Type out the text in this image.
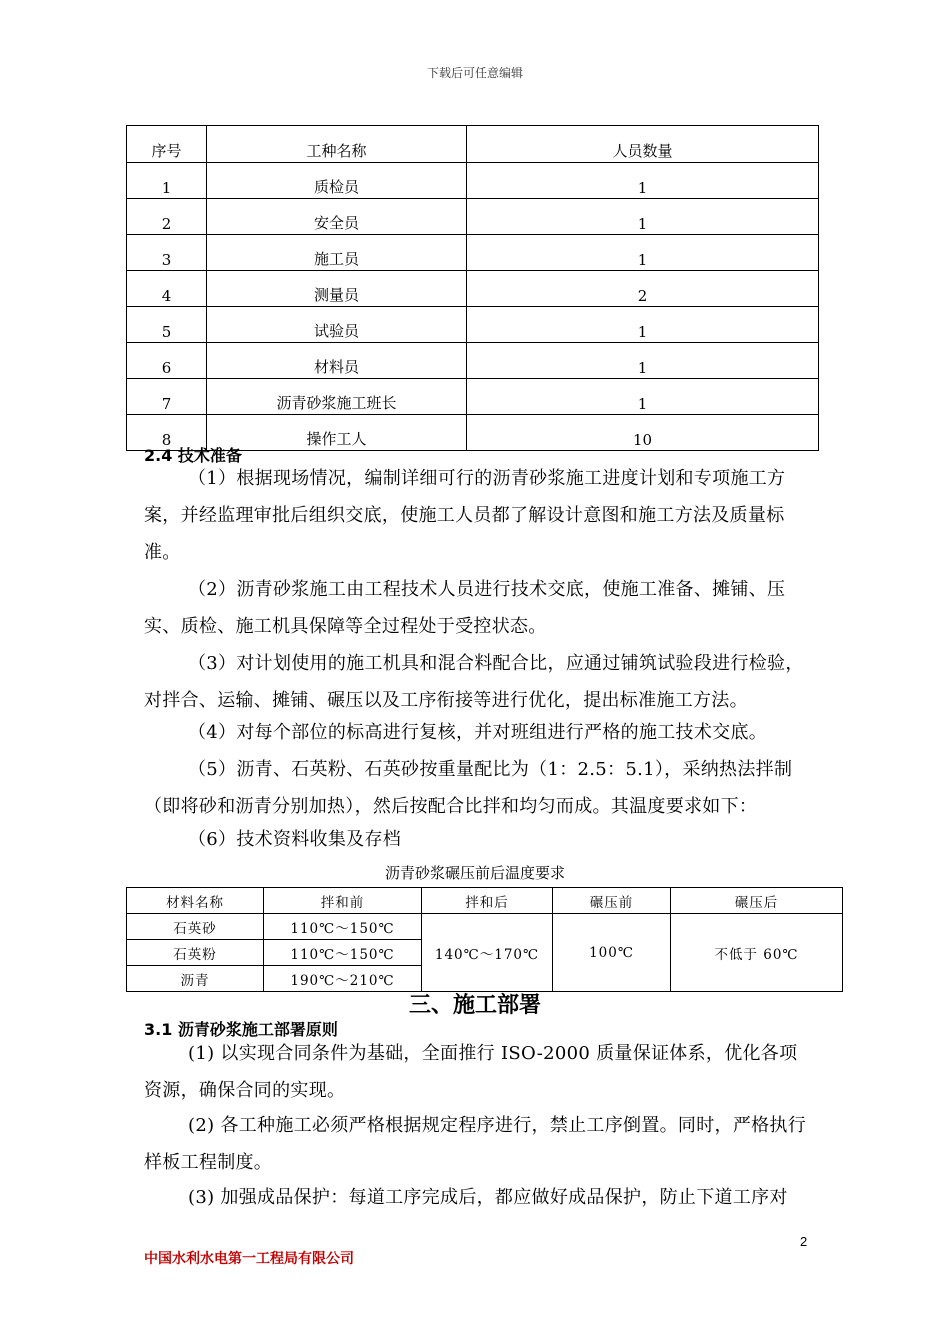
下载后可任意编辑
序号	工种名称	人员数量
1	质检员	1
2	安全员	1
3	施工员	1
4	测量员	2
5	试验员	1
6	材料员	1
7	沥青砂浆施工班长	1
8	操作工人	10
2.4 技术准备
（1）根据现场情况，编制详细可行的沥青砂浆施工进度计划和专项施工方案，并经监理审批后组织交底，使施工人员都了解设计意图和施工方法及质量标准。
（2）沥青砂浆施工由工程技术人员进行技术交底，使施工准备、摊铺、压实、质检、施工机具保障等全过程处于受控状态。
（3）对计划使用的施工机具和混合料配合比，应通过铺筑试验段进行检验，对拌合、运输、摊铺、碾压以及工序衔接等进行优化，提出标准施工方法。
（4）对每个部位的标高进行复核，并对班组进行严格的施工技术交底。
（5）沥青、石英粉、石英砂按重量配比为（1：2.5：5.1），采纳热法拌制（即将砂和沥青分别加热），然后按配合比拌和均匀而成。其温度要求如下：
（6）技术资料收集及存档
沥青砂浆碾压前后温度要求
材料名称	拌和前	拌和后	碾压前	碾压后
石英砂	110℃～150℃	140℃～170℃	100℃	不低于 60℃
石英粉	110℃～150℃			
沥青	190℃～210℃			
三、施工部署
3.1 沥青砂浆施工部署原则
(1) 以实现合同条件为基础，全面推行 ISO-2000 质量保证体系，优化各项资源，确保合同的实现。
(2) 各工种施工必须严格根据规定程序进行，禁止工序倒置。同时，严格执行样板工程制度。
(3) 加强成品保护：每道工序完成后，都应做好成品保护，防止下道工序对
2
中国水利水电第一工程局有限公司
